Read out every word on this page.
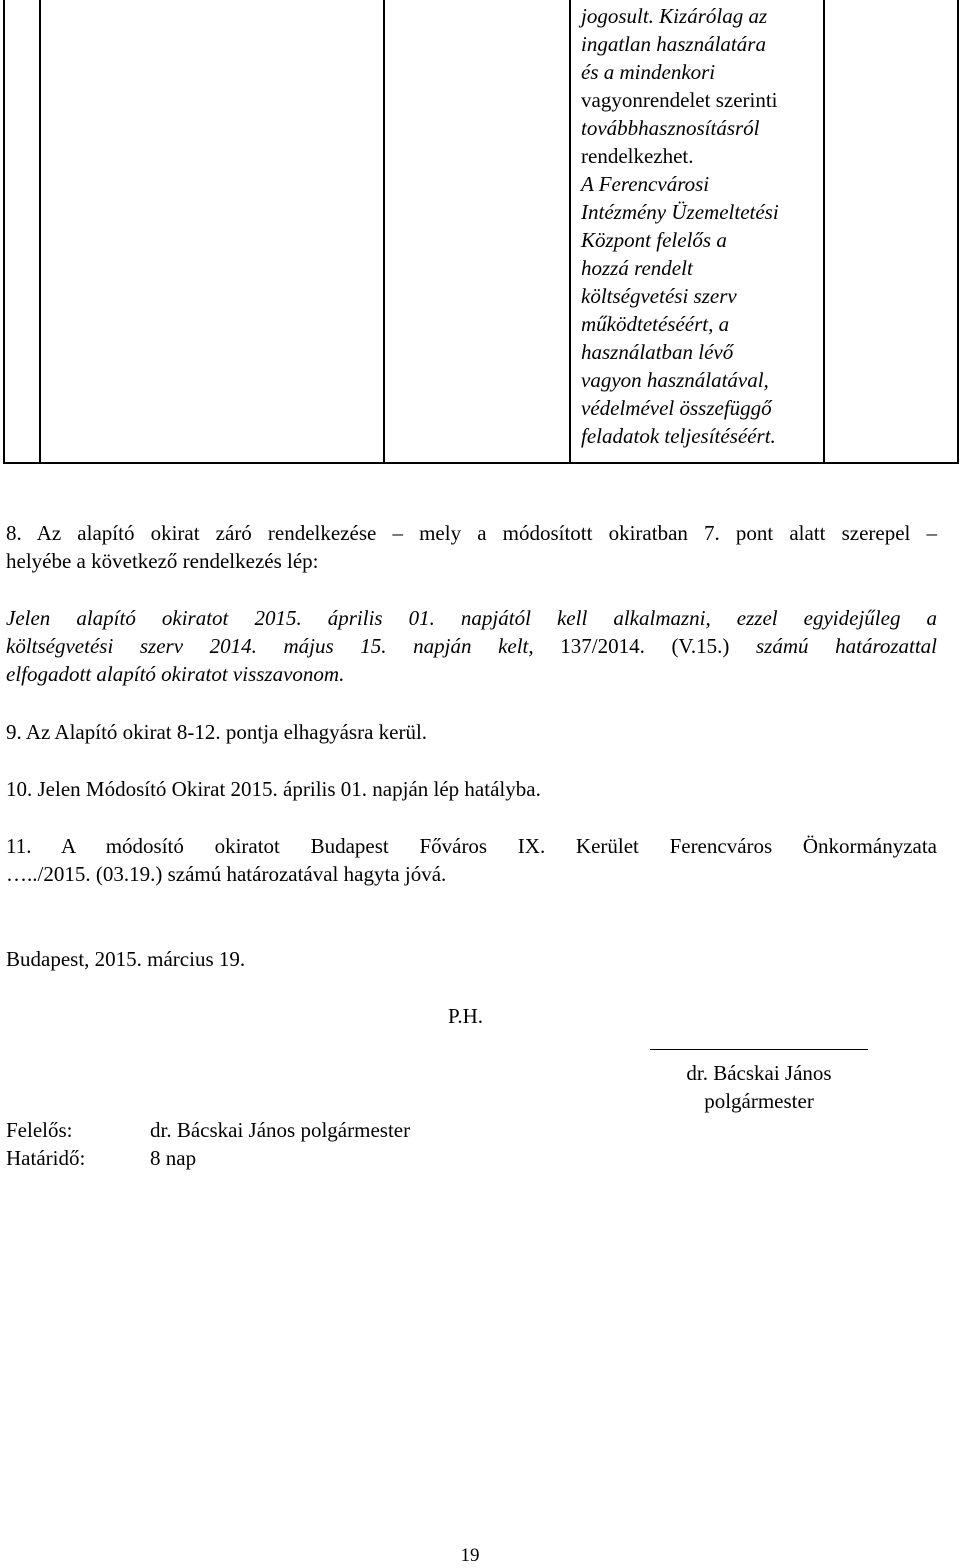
jogosult. Kizárólag az

ingatlan használatára

és a mindenkori

vagyonrendelet szerinti

továbbhasznosításról

rendelkezhet.

A Ferencvárosi

Intézmény Üzemeltetési

Központ felelős a

hozzá rendelt

költségvetési szerv

működtetéséért, a

használatban lévő

vagyon használatával,

védelmével összefüggő

feladatok teljesítéséért.

8. Az alapító okirat záró rendelkezése – mely a módosított okiratban 7. pont alatt szerepel –
helyébe a következő rendelkezés lép:
Jelen alapító okiratot 2015. április 01. napjától kell alkalmazni, ezzel egyidejűleg a
költségvetési szerv 2014. május 15. napján kelt, 137/2014. (V.15.) számú határozattal
elfogadott alapító okiratot visszavonom.
9. Az Alapító okirat 8-12. pontja elhagyásra kerül.
10. Jelen Módosító Okirat 2015. április 01. napján lép hatályba.
11. A módosító okiratot Budapest Főváros IX. Kerület Ferencváros Önkormányzata
…../2015. (03.19.) számú határozatával hagyta jóvá.
Budapest, 2015. március 19.
P.H.
dr. Bácskai János
polgármester
Felelős:	dr. Bácskai János polgármester
Határidő:	8 nap
19
